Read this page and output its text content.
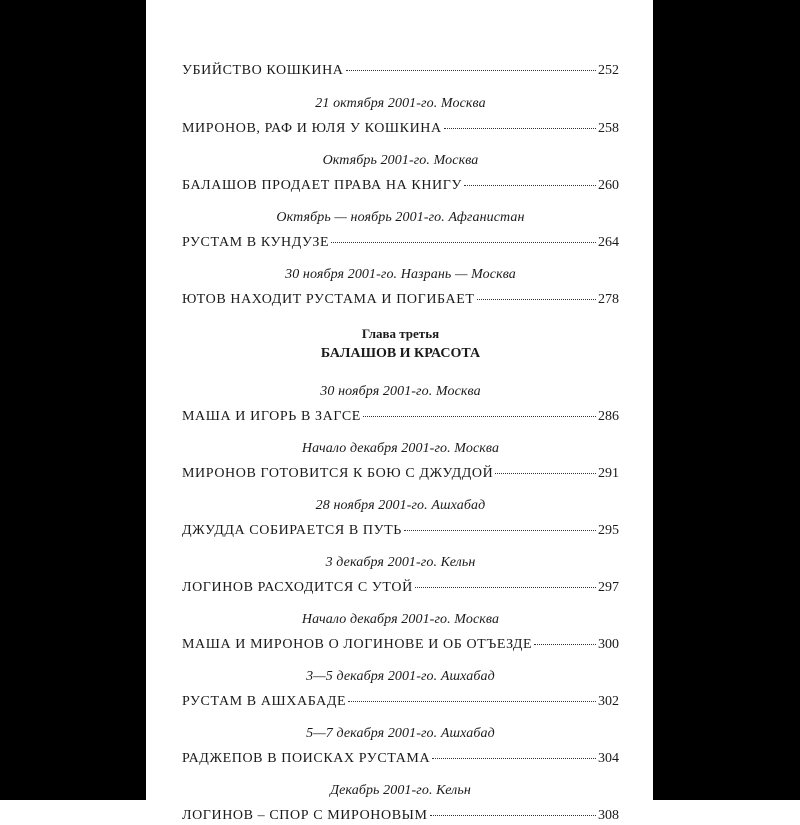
УБИЙСТВО КОШКИНА	252
21 октября 2001-го. Москва
МИРОНОВ, РАФ И ЮЛЯ У КОШКИНА	258
Октябрь 2001-го. Москва
БАЛАШОВ ПРОДАЕТ ПРАВА НА КНИГУ	260
Октябрь — ноябрь 2001-го. Афганистан
РУСТАМ В КУНДУЗЕ	264
30 ноября 2001-го. Назрань — Москва
ЮТОВ НАХОДИТ РУСТАМА И ПОГИБАЕТ	278
Глава третья
БАЛАШОВ И КРАСОТА
30 ноября 2001-го. Москва
МАША И ИГОРЬ В ЗАГСЕ	286
Начало декабря 2001-го. Москва
МИРОНОВ ГОТОВИТСЯ К БОЮ С ДЖУДДОЙ	291
28 ноября 2001-го. Ашхабад
ДЖУДДА СОБИРАЕТСЯ В ПУТЬ	295
3 декабря 2001-го. Кельн
ЛОГИНОВ РАСХОДИТСЯ С УТОЙ	297
Начало декабря 2001-го. Москва
МАША И МИРОНОВ О ЛОГИНОВЕ И ОБ ОТЪЕЗДЕ	300
3—5 декабря 2001-го. Ашхабад
РУСТАМ В АШХАБАДЕ	302
5—7 декабря 2001-го. Ашхабад
РАДЖЕПОВ В ПОИСКАХ РУСТАМА	304
Декабрь 2001-го. Кельн
ЛОГИНОВ – СПОР С МИРОНОВЫМ	308
